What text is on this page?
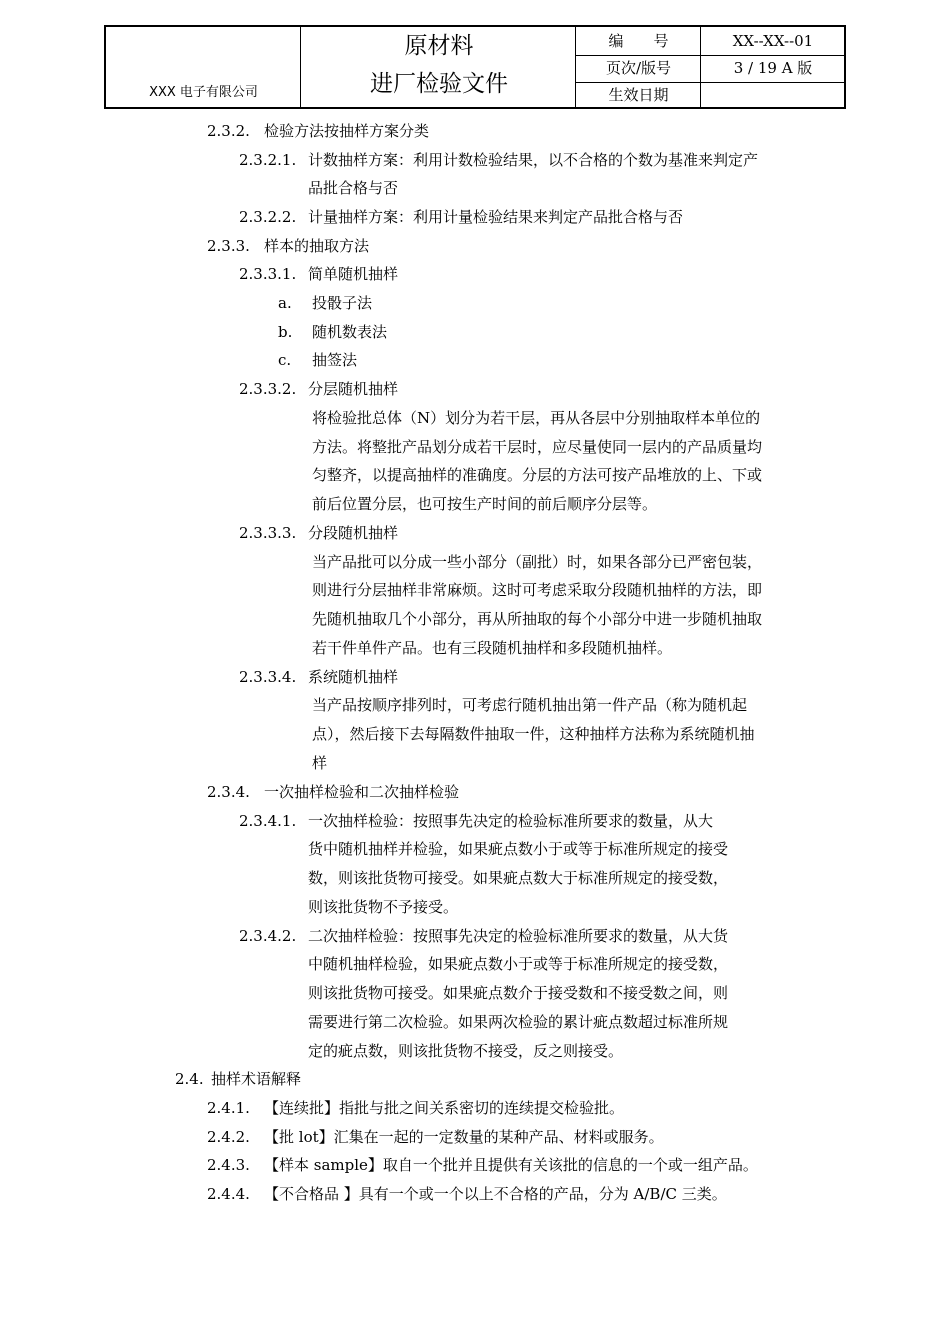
XXX 电子有限公司
原材料
进厂检验文件
编　　号	XX--XX--01
页次/版号	3 / 19 A 版
生效日期
2.3.2. 检验方法按抽样方案分类
2.3.2.1. 计数抽样方案：利用计数检验结果，以不合格的个数为基准来判定产
品批合格与否
2.3.2.2. 计量抽样方案：利用计量检验结果来判定产品批合格与否
2.3.3. 样本的抽取方法
2.3.3.1. 简单随机抽样
a. 投骰子法
b. 随机数表法
c. 抽签法
2.3.3.2. 分层随机抽样
将检验批总体（N）划分为若干层，再从各层中分别抽取样本单位的
方法。将整批产品划分成若干层时，应尽量使同一层内的产品质量均
匀整齐，以提高抽样的准确度。分层的方法可按产品堆放的上、下或
前后位置分层，也可按生产时间的前后顺序分层等。
2.3.3.3. 分段随机抽样
当产品批可以分成一些小部分（副批）时，如果各部分已严密包装，
则进行分层抽样非常麻烦。这时可考虑采取分段随机抽样的方法，即
先随机抽取几个小部分，再从所抽取的每个小部分中进一步随机抽取
若干件单件产品。也有三段随机抽样和多段随机抽样。
2.3.3.4. 系统随机抽样
当产品按顺序排列时，可考虑行随机抽出第一件产品（称为随机起
点），然后接下去每隔数件抽取一件，这种抽样方法称为系统随机抽
样
2.3.4. 一次抽样检验和二次抽样检验
2.3.4.1. 一次抽样检验：按照事先决定的检验标准所要求的数量，从大
货中随机抽样并检验，如果疵点数小于或等于标准所规定的接受
数，则该批货物可接受。如果疵点数大于标准所规定的接受数，
则该批货物不予接受。
2.3.4.2. 二次抽样检验：按照事先决定的检验标准所要求的数量，从大货
中随机抽样检验，如果疵点数小于或等于标准所规定的接受数，
则该批货物可接受。如果疵点数介于接受数和不接受数之间，则
需要进行第二次检验。如果两次检验的累计疵点数超过标准所规
定的疵点数，则该批货物不接受，反之则接受。
2.4. 抽样术语解释
2.4.1. 【连续批】指批与批之间关系密切的连续提交检验批。
2.4.2. 【批 lot】汇集在一起的一定数量的某种产品、材料或服务。
2.4.3. 【样本 sample】取自一个批并且提供有关该批的信息的一个或一组产品。
2.4.4. 【不合格品 】具有一个或一个以上不合格的产品，分为 A/B/C 三类。
